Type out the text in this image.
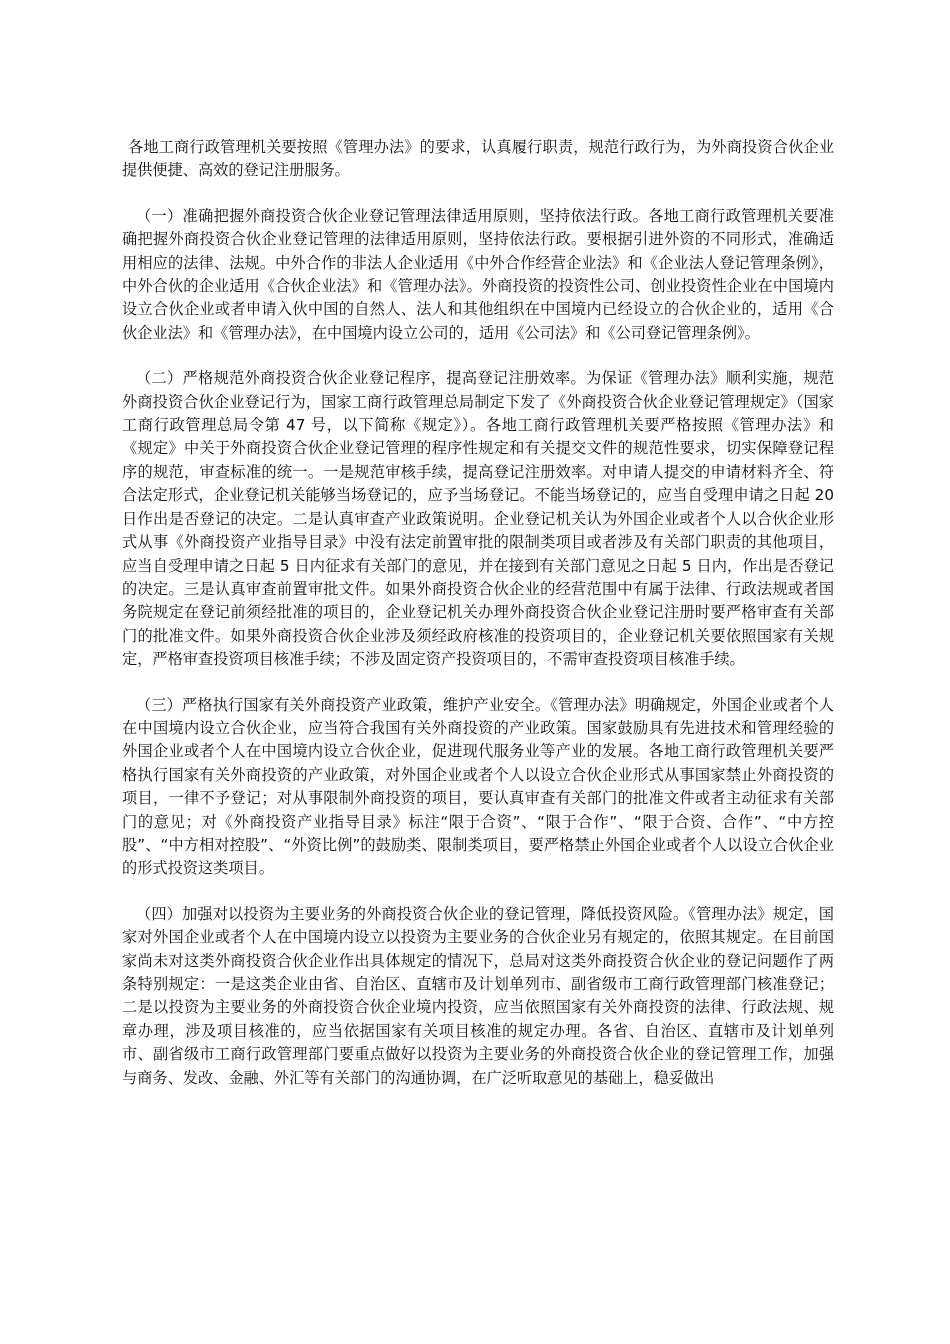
各地工商行政管理机关要按照《管理办法》的要求，认真履行职责，规范行政行为，为外商投资合伙企业提供便捷、高效的登记注册服务。

（一）准确把握外商投资合伙企业登记管理法律适用原则，坚持依法行政。各地工商行政管理机关要准确把握外商投资合伙企业登记管理的法律适用原则，坚持依法行政。要根据引进外资的不同形式，准确适用相应的法律、法规。中外合作的非法人企业适用《中外合作经营企业法》和《企业法人登记管理条例》，中外合伙的企业适用《合伙企业法》和《管理办法》。外商投资的投资性公司、创业投资性企业在中国境内设立合伙企业或者申请入伙中国的自然人、法人和其他组织在中国境内已经设立的合伙企业的，适用《合伙企业法》和《管理办法》，在中国境内设立公司的，适用《公司法》和《公司登记管理条例》。

（二）严格规范外商投资合伙企业登记程序，提高登记注册效率。为保证《管理办法》顺利实施，规范外商投资合伙企业登记行为，国家工商行政管理总局制定下发了《外商投资合伙企业登记管理规定》（国家工商行政管理总局令第 47 号，以下简称《规定》）。各地工商行政管理机关要严格按照《管理办法》和《规定》中关于外商投资合伙企业登记管理的程序性规定和有关提交文件的规范性要求，切实保障登记程序的规范，审查标准的统一。一是规范审核手续，提高登记注册效率。对申请人提交的申请材料齐全、符合法定形式，企业登记机关能够当场登记的，应予当场登记。不能当场登记的，应当自受理申请之日起 20 日作出是否登记的决定。二是认真审查产业政策说明。企业登记机关认为外国企业或者个人以合伙企业形式从事《外商投资产业指导目录》中没有法定前置审批的限制类项目或者涉及有关部门职责的其他项目，应当自受理申请之日起 5 日内征求有关部门的意见，并在接到有关部门意见之日起 5 日内，作出是否登记的决定。三是认真审查前置审批文件。如果外商投资合伙企业的经营范围中有属于法律、行政法规或者国务院规定在登记前须经批准的项目的，企业登记机关办理外商投资合伙企业登记注册时要严格审查有关部门的批准文件。如果外商投资合伙企业涉及须经政府核准的投资项目的，企业登记机关要依照国家有关规定，严格审查投资项目核准手续；不涉及固定资产投资项目的，不需审查投资项目核准手续。

（三）严格执行国家有关外商投资产业政策，维护产业安全。《管理办法》明确规定，外国企业或者个人在中国境内设立合伙企业，应当符合我国有关外商投资的产业政策。国家鼓励具有先进技术和管理经验的外国企业或者个人在中国境内设立合伙企业，促进现代服务业等产业的发展。各地工商行政管理机关要严格执行国家有关外商投资的产业政策，对外国企业或者个人以设立合伙企业形式从事国家禁止外商投资的项目，一律不予登记；对从事限制外商投资的项目，要认真审查有关部门的批准文件或者主动征求有关部门的意见；对《外商投资产业指导目录》标注“限于合资”、“限于合作”、“限于合资、合作”、“中方控股”、“中方相对控股”、“外资比例”的鼓励类、限制类项目，要严格禁止外国企业或者个人以设立合伙企业的形式投资这类项目。

（四）加强对以投资为主要业务的外商投资合伙企业的登记管理，降低投资风险。《管理办法》规定，国家对外国企业或者个人在中国境内设立以投资为主要业务的合伙企业另有规定的，依照其规定。在目前国家尚未对这类外商投资合伙企业作出具体规定的情况下，总局对这类外商投资合伙企业的登记问题作了两条特别规定：一是这类企业由省、自治区、直辖市及计划单列市、副省级市工商行政管理部门核准登记；二是以投资为主要业务的外商投资合伙企业境内投资，应当依照国家有关外商投资的法律、行政法规、规章办理，涉及项目核准的，应当依据国家有关项目核准的规定办理。各省、自治区、直辖市及计划单列市、副省级市工商行政管理部门要重点做好以投资为主要业务的外商投资合伙企业的登记管理工作，加强与商务、发改、金融、外汇等有关部门的沟通协调，在广泛听取意见的基础上，稳妥做出
